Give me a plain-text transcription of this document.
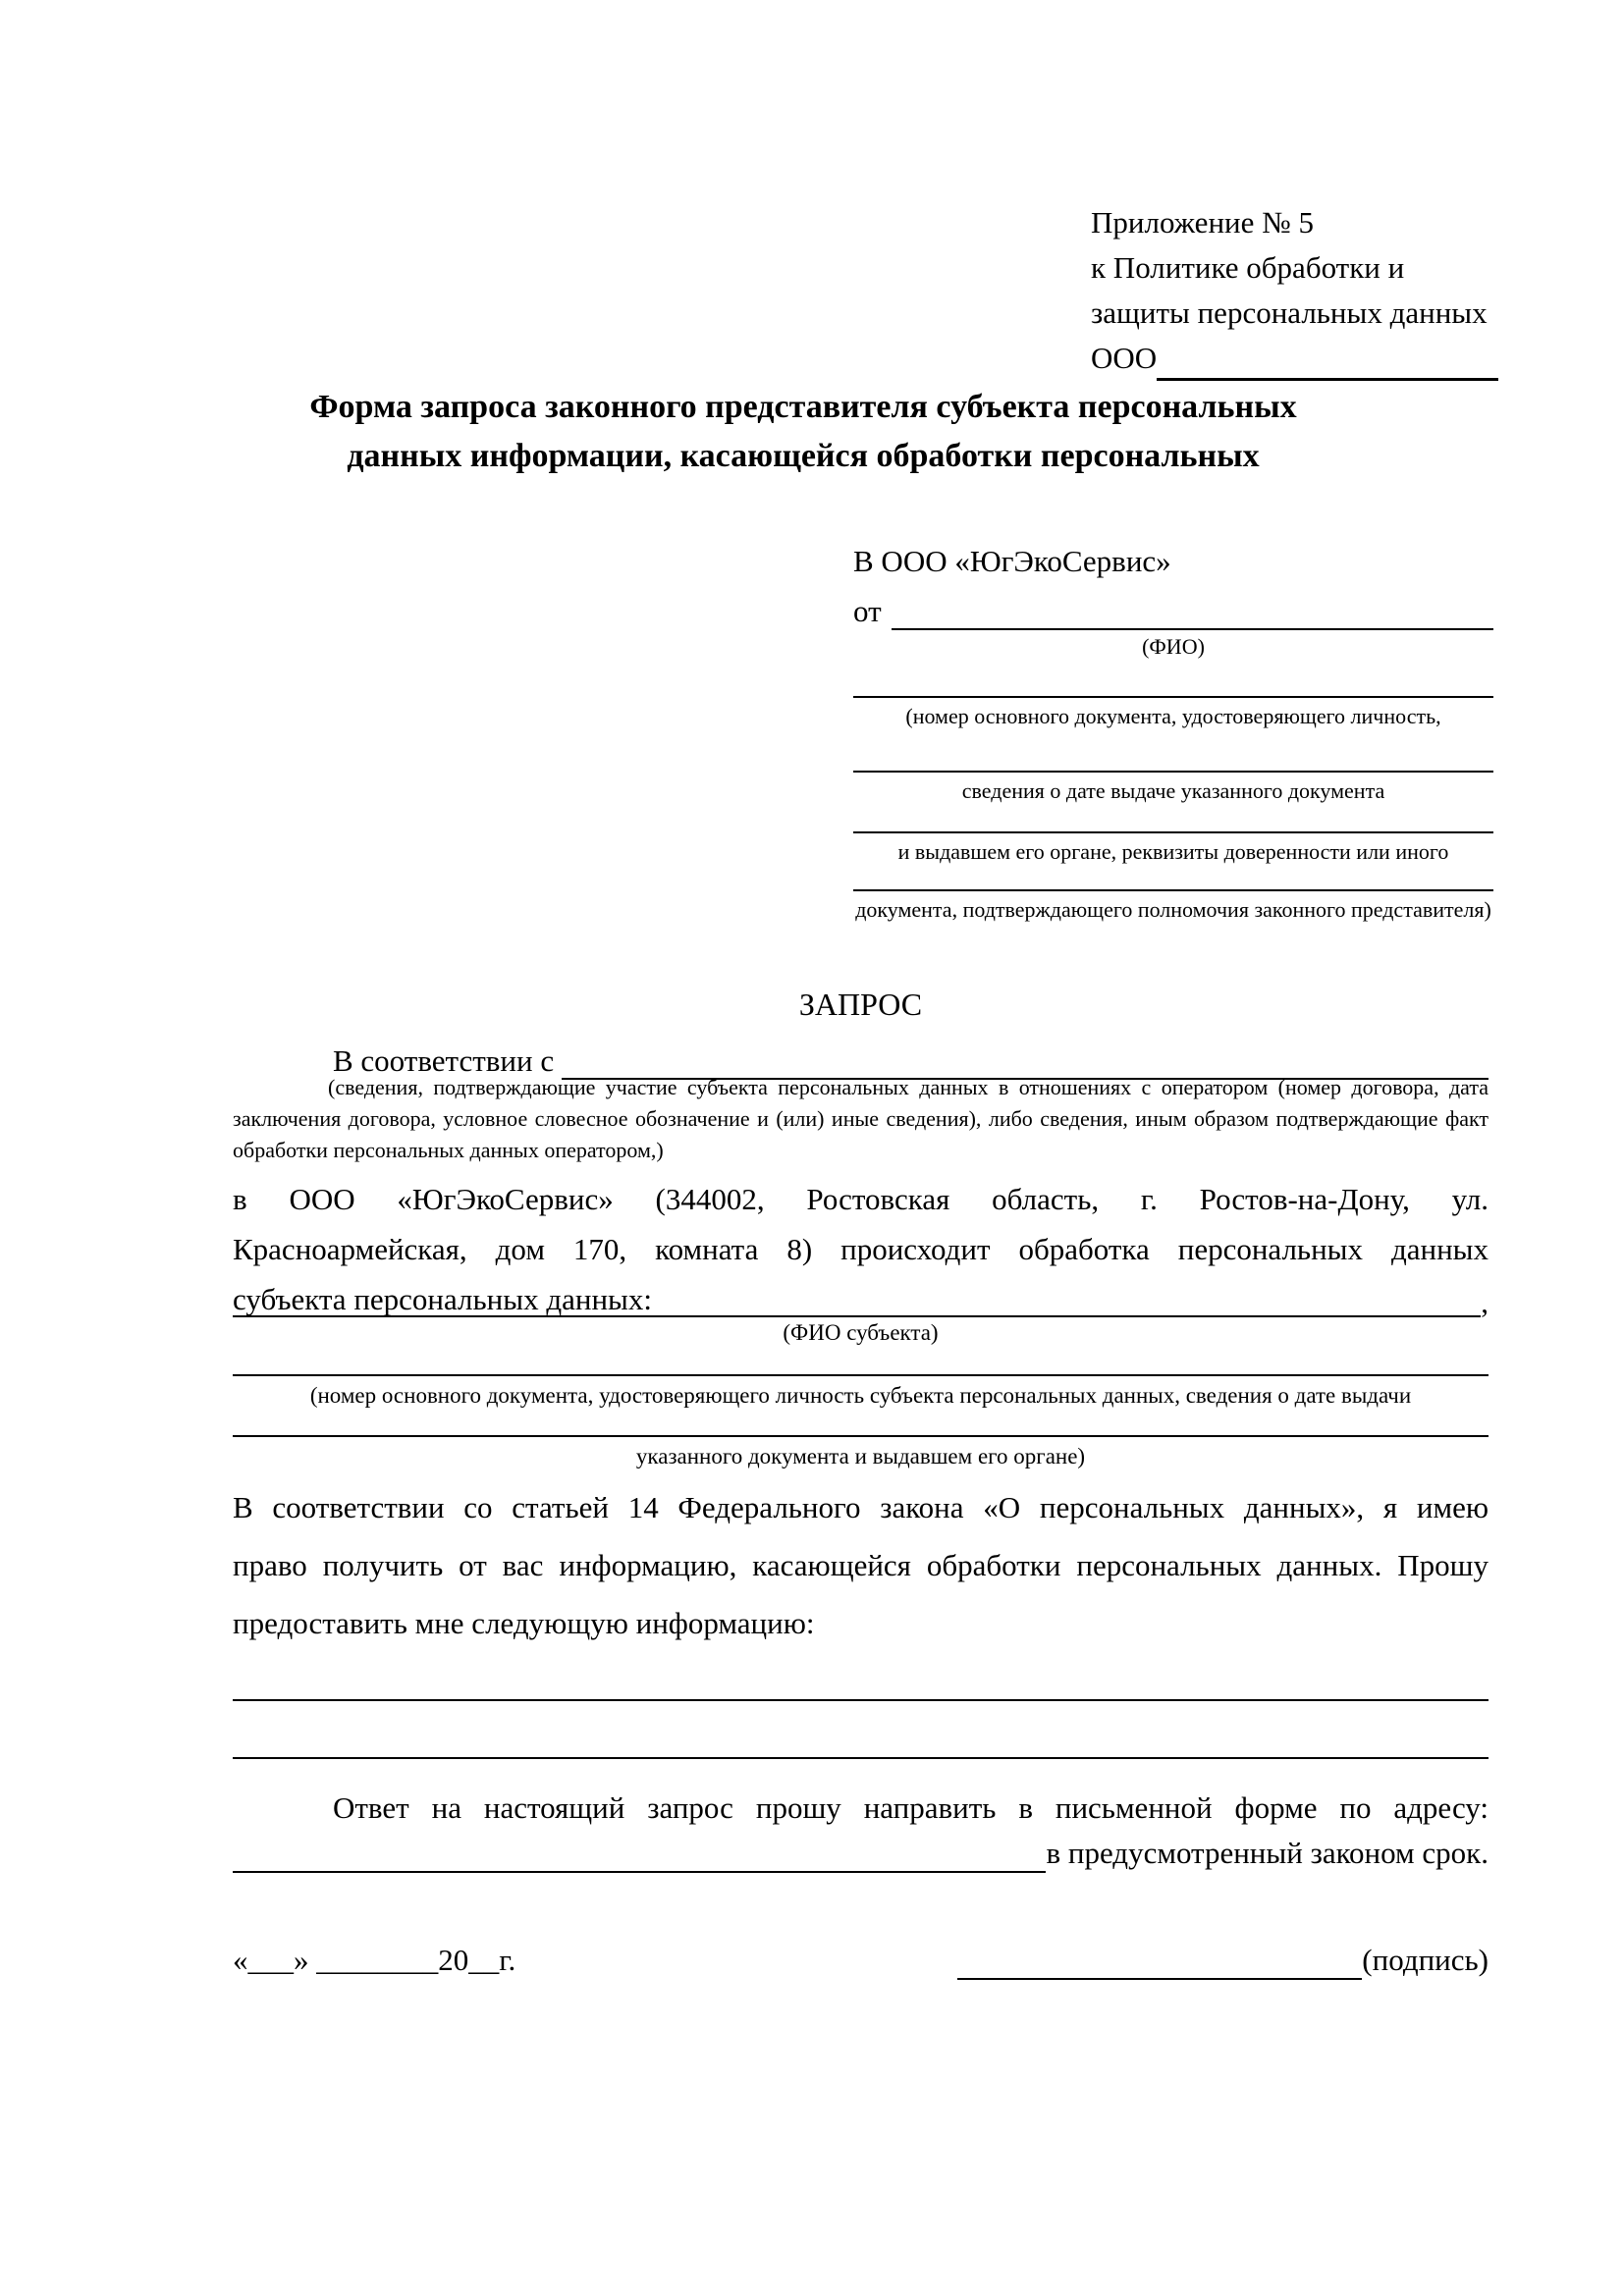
Приложение № 5
к Политике обработки и
защиты персональных данных
ООО
Форма запроса законного представителя субъекта персональных
данных информации, касающейся обработки персональных
В ООО «ЮгЭкоСервис»
от
(ФИО)
(номер основного документа, удостоверяющего личность,
сведения о дате выдаче указанного документа
и выдавшем его органе, реквизиты доверенности или иного
документа, подтверждающего полномочия законного представителя)
ЗАПРОС
В соответствии с
(сведения, подтверждающие участие субъекта персональных данных в отношениях с оператором (номер договора, дата
заключения договора, условное словесное обозначение и (или) иные сведения), либо сведения, иным образом подтверждающие факт
обработки персональных данных оператором,)
в ООО «ЮгЭкоСервис» (344002, Ростовская область, г. Ростов-на-Дону, ул.
Красноармейская, дом 170, комната 8) происходит обработка персональных данных
субъекта персональных данных:	,
(ФИО субъекта)
(номер основного документа, удостоверяющего личность субъекта персональных данных, сведения о дате выдачи
указанного документа и выдавшем его органе)
В соответствии со статьей 14 Федерального закона «О персональных данных», я имею
право получить от вас информацию, касающейся обработки персональных данных. Прошу
предоставить мне следующую информацию:
Ответ на настоящий запрос прошу направить в письменной форме по адресу:
в предусмотренный законом срок.
«___» ________20__г.	(подпись)
